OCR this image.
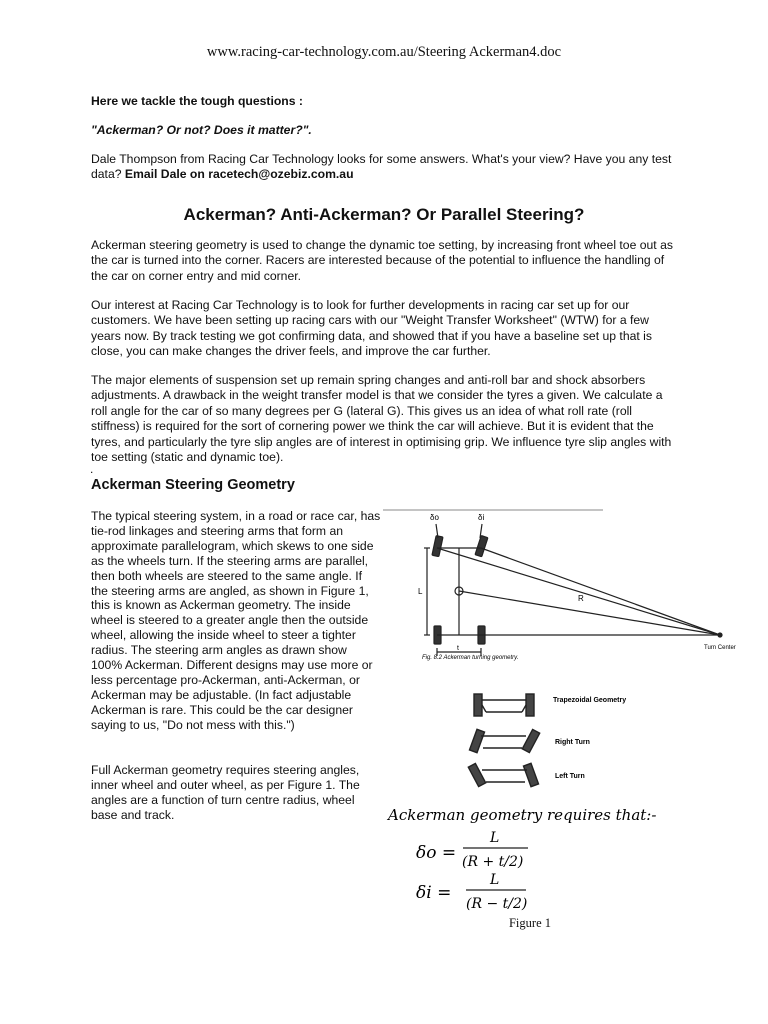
www.racing-car-technology.com.au/Steering Ackerman4.doc

Here we tackle the tough questions :

"Ackerman? Or not? Does it matter?".

Dale Thompson from Racing Car Technology looks for some answers. What's your view? Have you any test data? Email Dale on racetech@ozebiz.com.au

Ackerman? Anti-Ackerman? Or Parallel Steering?

Ackerman steering geometry is used to change the dynamic toe setting, by increasing front wheel toe out as the car is turned into the corner. Racers are interested because of the potential to influence the handling of the car on corner entry and mid corner.

Our interest at Racing Car Technology is to look for further developments in racing car set up for our customers. We have been setting up racing cars with our "Weight Transfer Worksheet" (WTW) for a few years now. By track testing we got confirming data, and showed that if you have a baseline set up that is close, you can make changes the driver feels, and improve the car further.

The major elements of suspension set up remain spring changes and anti-roll bar and shock absorbers adjustments. A drawback in the weight transfer model is that we consider the tyres a given. We calculate a roll angle for the car of so many degrees per G (lateral G). This gives us an idea of what roll rate (roll stiffness) is required for the sort of cornering power we think the car will achieve. But it is evident that the tyres, and particularly the tyre slip angles are of interest in optimising grip. We influence tyre slip angles with toe setting (static and dynamic toe).

.
Ackerman Steering Geometry

The typical steering system, in a road or race car, has tie-rod linkages and steering arms that form an approximate parallelogram, which skews to one side as the wheels turn. If the steering arms are parallel, then both wheels are steered to the same angle. If the steering arms are angled, as shown in Figure 1, this is known as Ackerman geometry. The inside wheel is steered to a greater angle then the outside wheel, allowing the inside wheel to steer a tighter radius. The steering arm angles as drawn show 100% Ackerman. Different designs may use more or less percentage pro-Ackerman, anti-Ackerman, or Ackerman may be adjustable. (In fact adjustable Ackerman is rare. This could be the car designer saying to us, "Do not mess with this.")

Full Ackerman geometry requires steering angles, inner wheel and outer wheel, as per Figure 1. The angles are a function of turn centre radius, wheel base and track.

δo	δi
L
R
t	Turn Center
Fig. 8.2 Ackerman turning geometry.
Trapezoidal Geometry
Right Turn
Left Turn
Ackerman geometry requires that:-
δo =
L
(R + t/2)
δi =
L
(R − t/2)
Figure 1
